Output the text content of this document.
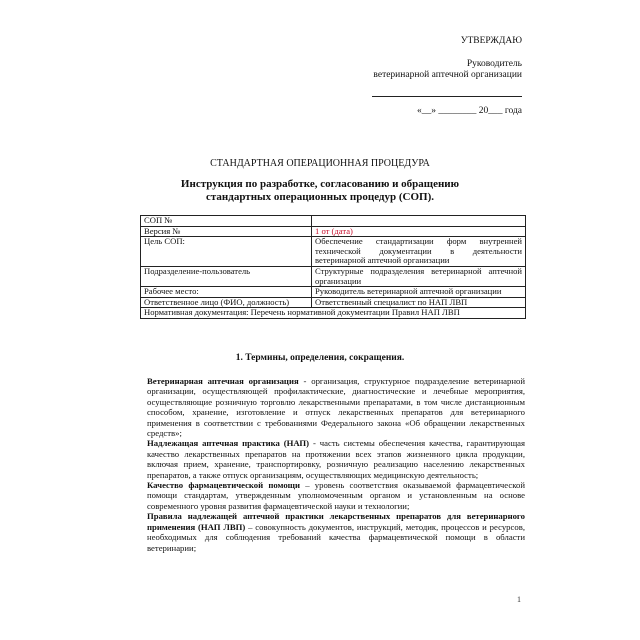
УТВЕРЖДАЮ
Руководитель
ветеринарной аптечной организации
«__» ________ 20___ года
СТАНДАРТНАЯ ОПЕРАЦИОННАЯ ПРОЦЕДУРА
Инструкция по разработке, согласованию и обращению стандартных операционных процедур (СОП).
СОП №	
Версия №	1 от (дата)
Цель СОП:	Обеспечение стандартизации форм внутренней технической документации в деятельности ветеринарной аптечной организации
Подразделение-пользователь	Структурные подразделения ветеринарной аптечной организации
Рабочее место:	Руководитель ветеринарной аптечной организации
Ответственное лицо (ФИО, должность)	Ответственный специалист по НАП ЛВП
Нормативная документация: Перечень нормативной документации Правил НАП ЛВП	
1. Термины, определения, сокращения.

Ветеринарная аптечная организация - организация, структурное подразделение ветеринарной организации, осуществляющей профилактические, диагностические и лечебные мероприятия, осуществляющие розничную торговлю лекарственными препаратами, в том числе дистанционным способом, хранение, изготовление и отпуск лекарственных препаратов для ветеринарного применения в соответствии с требованиями Федерального закона «Об обращении лекарственных средств»;

Надлежащая аптечная практика (НАП) - часть системы обеспечения качества, гарантирующая качество лекарственных препаратов на протяжении всех этапов жизненного цикла продукции, включая прием, хранение, транспортировку, розничную реализацию населению лекарственных препаратов, а также отпуск организациям, осуществляющих медицинскую деятельность;

Качество фармацевтической помощи – уровень соответствия оказываемой фармацевтической помощи стандартам, утвержденным уполномоченным органом и установленным на основе современного уровня развития фармацевтической науки и технологии;

Правила надлежащей аптечной практики лекарственных препаратов для ветеринарного применения (НАП ЛВП) – совокупность документов, инструкций, методик, процессов и ресурсов, необходимых для соблюдения требований качества фармацевтической помощи в области ветеринарии;

1
